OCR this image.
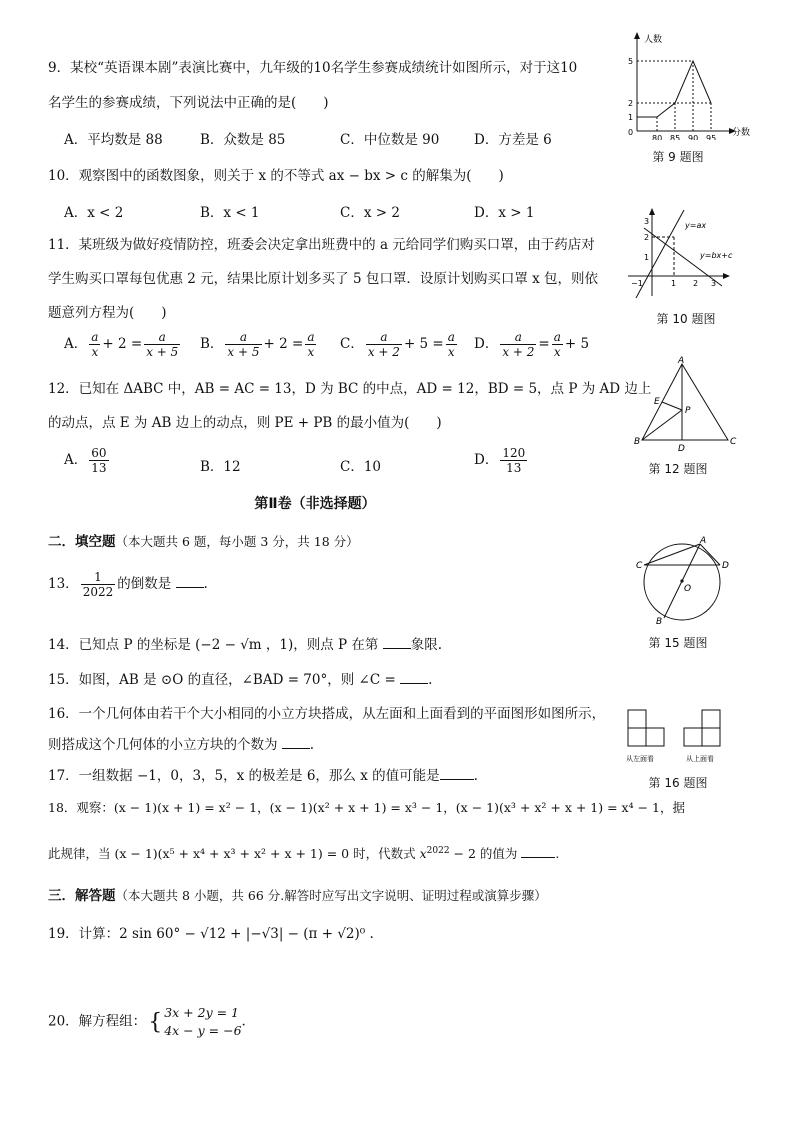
9．某校“英语课本剧”表演比赛中，九年级的10名学生参赛成绩统计如图所示，对于这10
名学生的参赛成绩，下列说法中正确的是(　　)
A．平均数是 88	B．众数是 85	C．中位数是 90	D．方差是 6
人数
分数
0
80 85 90 95
1
2
5
第 9 题图
10．观察图中的函数图象，则关于 x 的不等式 ax − bx > c 的解集为(　　)
A．x < 2	B．x < 1	C．x > 2	D．x > 1
y=ax
y=bx+c
3
2
1
−1	1 2 3
第 10 题图
11．某班级为做好疫情防控，班委会决定拿出班费中的 a 元给同学们购买口罩，由于药店对
学生购买口罩每包优惠 2 元，结果比原计划多买了 5 包口罩．设原计划购买口罩 x 包，则依
题意列方程为(　　)
A． $\frac{a}{x} + 2 = \frac{a}{x + 5}$ B． $\frac{a}{x + 5} + 2 = \frac{a}{x}$ C． $\frac{a}{x + 2} + 5 = \frac{a}{x}$ D． $\frac{a}{x + 2} = \frac{a}{x} + 5$
12．已知在 ΔABC 中，AB = AC = 13，D 为 BC 的中点，AD = 12，BD = 5，点 P 为 AD 边上
的动点，点 E 为 AB 边上的动点，则 PE + PB 的最小值为(　　)
A． $\frac{60}{13}$	B．12	C．10	D． $\frac{120}{13}$
A
E
P
B
D
C
第 12 题图
第Ⅱ卷（非选择题）
二．填空题（本大题共 6 题，每小题 3 分，共 18 分）
13． $\frac{1}{2022}$ 的倒数是 .
14．已知点 P 的坐标是 (−2 − √m ，1)，则点 P 在第 象限.
15．如图，AB 是 ⊙O 的直径，∠BAD = 70°，则 ∠C = .
A
C	D
O
B
第 15 题图
16．一个几何体由若干个大小相同的小立方块搭成，从左面和上面看到的平面图形如图所示，
则搭成这个几何体的小立方块的个数为 .
从左面看	从上面看
第 16 题图
17．一组数据 −1，0，3，5，x 的极差是 6，那么 x 的值可能是	.
18．观察：(x − 1)(x + 1) = x² − 1，(x − 1)(x² + x + 1) = x³ − 1，(x − 1)(x³ + x² + x + 1) = x⁴ − 1，据
此规律，当 (x − 1)(x⁵ + x⁴ + x³ + x² + x + 1) = 0 时，代数式 $x^{2022} - 2$ 的值为	.
三．解答题（本大题共 8 小题，共 66 分.解答时应写出文字说明、证明过程或演算步骤）
19．计算：2 sin 60° − √12 + |−√3| − (π + √2)⁰ .
20．解方程组：{ 3x + 2y = 1
4x − y = −6
.
